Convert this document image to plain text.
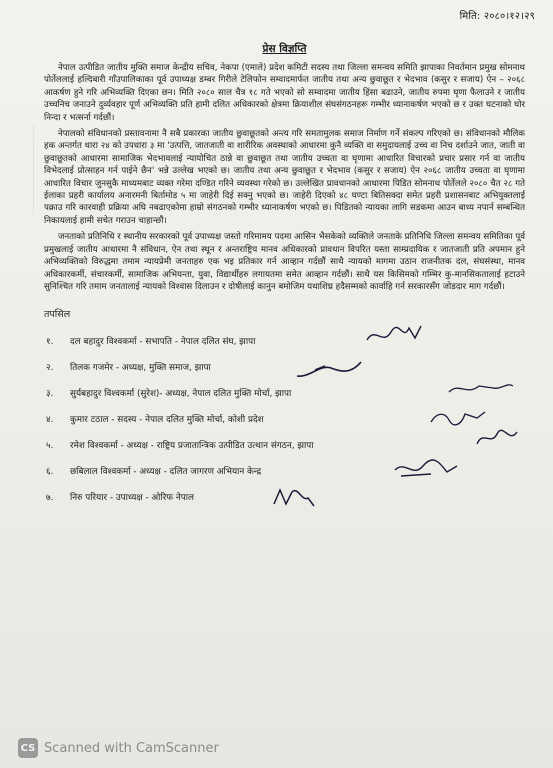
मिति: २०८०।१२।२९
प्रेस विज्ञप्ति

नेपाल उत्पीडित जातीय मुक्ति समाज केन्द्रीय सचिव, नेकपा (एमाले) प्रदेश कमिटी सदस्य तथा जिल्ला समन्वय समिति झापाका निवर्तमान प्रमुख सोमनाथ पोर्तेललाई हल्दिबारी गाँउपालिकाका पूर्व उपाध्यक्ष डम्बर गिरीले टेलिफोन सम्वादमार्फत जातीय तथा अन्य छुवाछूत र भेदभाव (कसुर र सजाय) ऐन – २०६८ आकर्षण हुने गरि अभिव्यक्ति दिएका छन। मिति २०८० साल चैत्र १८ गते भएको सो सम्वादमा जातीय हिंसा बढाउने, जातीय रुपमा घृणा फैलाउने र जातीय उच्चनिच जनाउने दुर्व्यवहार पूर्ण अभिव्यक्ति प्रति हामी दलित अधिकारको क्षेत्रमा क्रियाशील संघसंगठनहरू गम्भीर ध्यानाकर्षण भएको छ र उक्त घटनाको घोर निन्दा र भत्सर्ना गर्दछौं।

नेपालको संविधानको प्रस्तावनामा नै सबै प्रकारका जातीय छुवाछूतको अन्त्य गरि समतामुलक समाज निर्माण गर्ने संकल्प गरिएको छ। संविधानको मौलिक हक अन्तर्गत धारा २४ को उपधारा ३ मा 'उत्पत्ति, जातजाती वा शारीरिक अवस्थाको आधारमा कुनै व्यक्ति वा समुदायलाई उच्च वा निच दर्शाउने जात, जाती वा छुवाछूतको आधारमा सामाजिक भेदभावलाई न्यायोचित ठान्ने वा छुवाछूत तथा जातीय उच्चता वा घृणामा आधारित विचारको प्रचार प्रसार गर्न वा जातीय विभेदलाई प्रोत्साहन गर्न पाईने छैन' भन्ने उल्लेख भएको छ। जातीय तथा अन्य छुवाछूत र भेदभाव (कसुर र सजाय) ऐन २०६८ जातीय उच्चता वा घृणामा आधारित विचार जुनसुकै माध्यमबाट व्यक्त गरेमा दण्डित गरिने व्यवस्था गरेको छ। उल्लेखित प्रावधानको आधारमा पिडित सोमनाथ पोर्तेलले २०८० चैत २८ गते ईलाका प्रहरी कार्यालय अनारमनी बिर्तामोड ५ मा जाहेरी दिई सक्नु भएको छ। जाहेरी दिएको ४८ घण्टा बितिसक्दा समेत प्रहरी प्रशासनबाट अभियुक्तलाई पक्राउ गरि कारवाही प्रक्रिया अघि नबढाएकोमा हाम्रो संगठनको गम्भीर ध्यानाकर्षण भएको छ। पिडितको न्यायका लागि सडकमा आउन बाध्य नपार्न सम्बन्धित निकायलाई हामी सचेत गराउन चाहान्छौं।

जनताको प्रतिनिधि र स्थानीय सरकारको पूर्व उपाध्यक्ष जस्तो गरिमामय पदमा आसिन भैसकेको व्यक्तिले जनताके प्रतिनिधि जिल्ला समन्वय समितिका पूर्व प्रमुखलाई जातीय आधारमा नै संविधान, ऐन तथा स्थून र अन्तराष्ट्रिय मानव अधिकारको प्रावधान विपरित यस्ता साम्प्रदायिक र जातजाती प्रति अपमान हुने अभिव्यक्तिको विरुद्धमा तमाम न्यायप्रेमी जनताहरु एक भइ प्रतिकार गर्न आव्हान गर्दछौं साथै न्यायको मागमा उठान राजनीतक दल, संघसंस्था, मानव अधिकारकर्मी, संचारकर्मी, सामाजिक अभियन्ता, युवा, विद्यार्थीहरु लगायतमा समेत आव्हान गर्दछौं। साथै यस किसिमको गम्भिर कु-मानसिकतालाई हटाउने सुनिश्चित गरि तमाम जनतालाई न्यायको विश्वास दिलाउन र दोषीलाई कानुन बमोजिम यथाशिघ्र हदैसम्मको कार्वाहि गर्न सरकारसँग जोडदार माग गर्दछौं।

तपसिल
१.	दल बहादुर विश्वकर्मा - सभापति - नेपाल दलित संघ, झापा
२.	तिलक गजमेर - अध्यक्ष, मुक्ति समाज, झापा
३.	सुर्यबहादुर विश्वकर्मा (सुरेश)- अध्यक्ष, नेपाल दलित मुक्ति मोर्चा, झापा
४.	कुमार टठाल - सदस्य - नेपाल दलित मुक्ति मोर्चा, कोशी प्रदेश
५.	रमेश विश्वकर्मा - अध्यक्ष - राष्ट्रिय प्रजातान्त्रिक उत्पीडित उत्थान संगठन, झापा
६.	छबिलाल विश्वकर्मा - अध्यक्ष - दलित जागरण अभियान केन्द्र
७.	निरु परियार - उपाध्यक्ष - ओरिफ नेपाल
CS Scanned with CamScanner
